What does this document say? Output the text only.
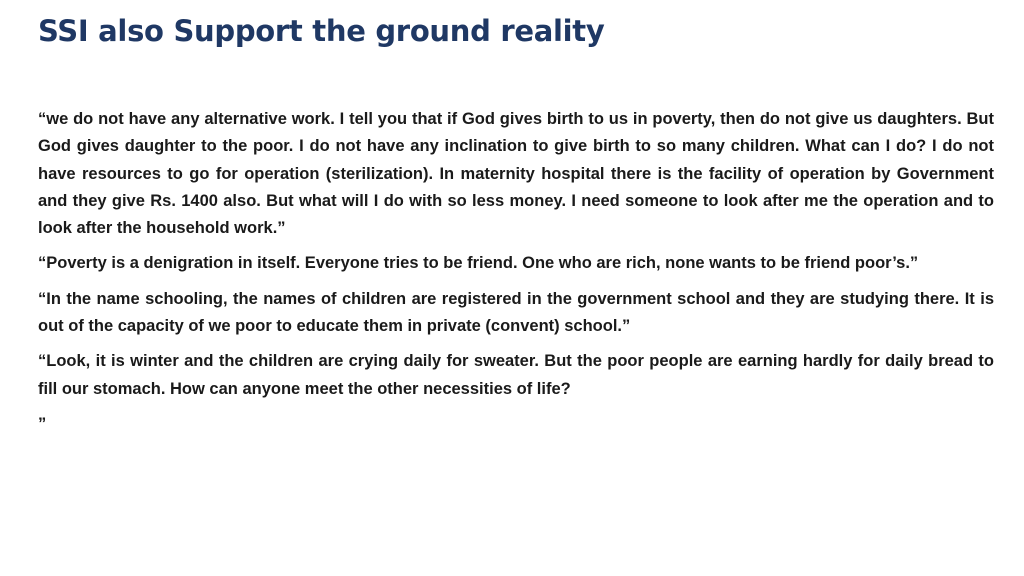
SSI also Support the ground reality

“we do not have any alternative work. I tell you that if God gives birth to us in poverty, then do not give us daughters. But God gives daughter to the poor. I do not have any inclination to give birth to so many children. What can I do? I do not have resources to go for operation (sterilization). In maternity hospital there is the facility of operation by Government and they give Rs. 1400 also. But what will I do with so less money. I need someone to look after me the operation and to look after the household work.”

“Poverty is a denigration in itself. Everyone tries to be friend. One who are rich, none wants to be friend poor’s.”

“In the name schooling, the names of children are registered in the government school and they are studying there. It is out of the capacity of we poor to educate them in private (convent) school.”

“Look, it is winter and the children are crying daily for sweater. But the poor people are earning hardly for daily bread to fill our stomach. How can anyone meet the other necessities of life?

”
